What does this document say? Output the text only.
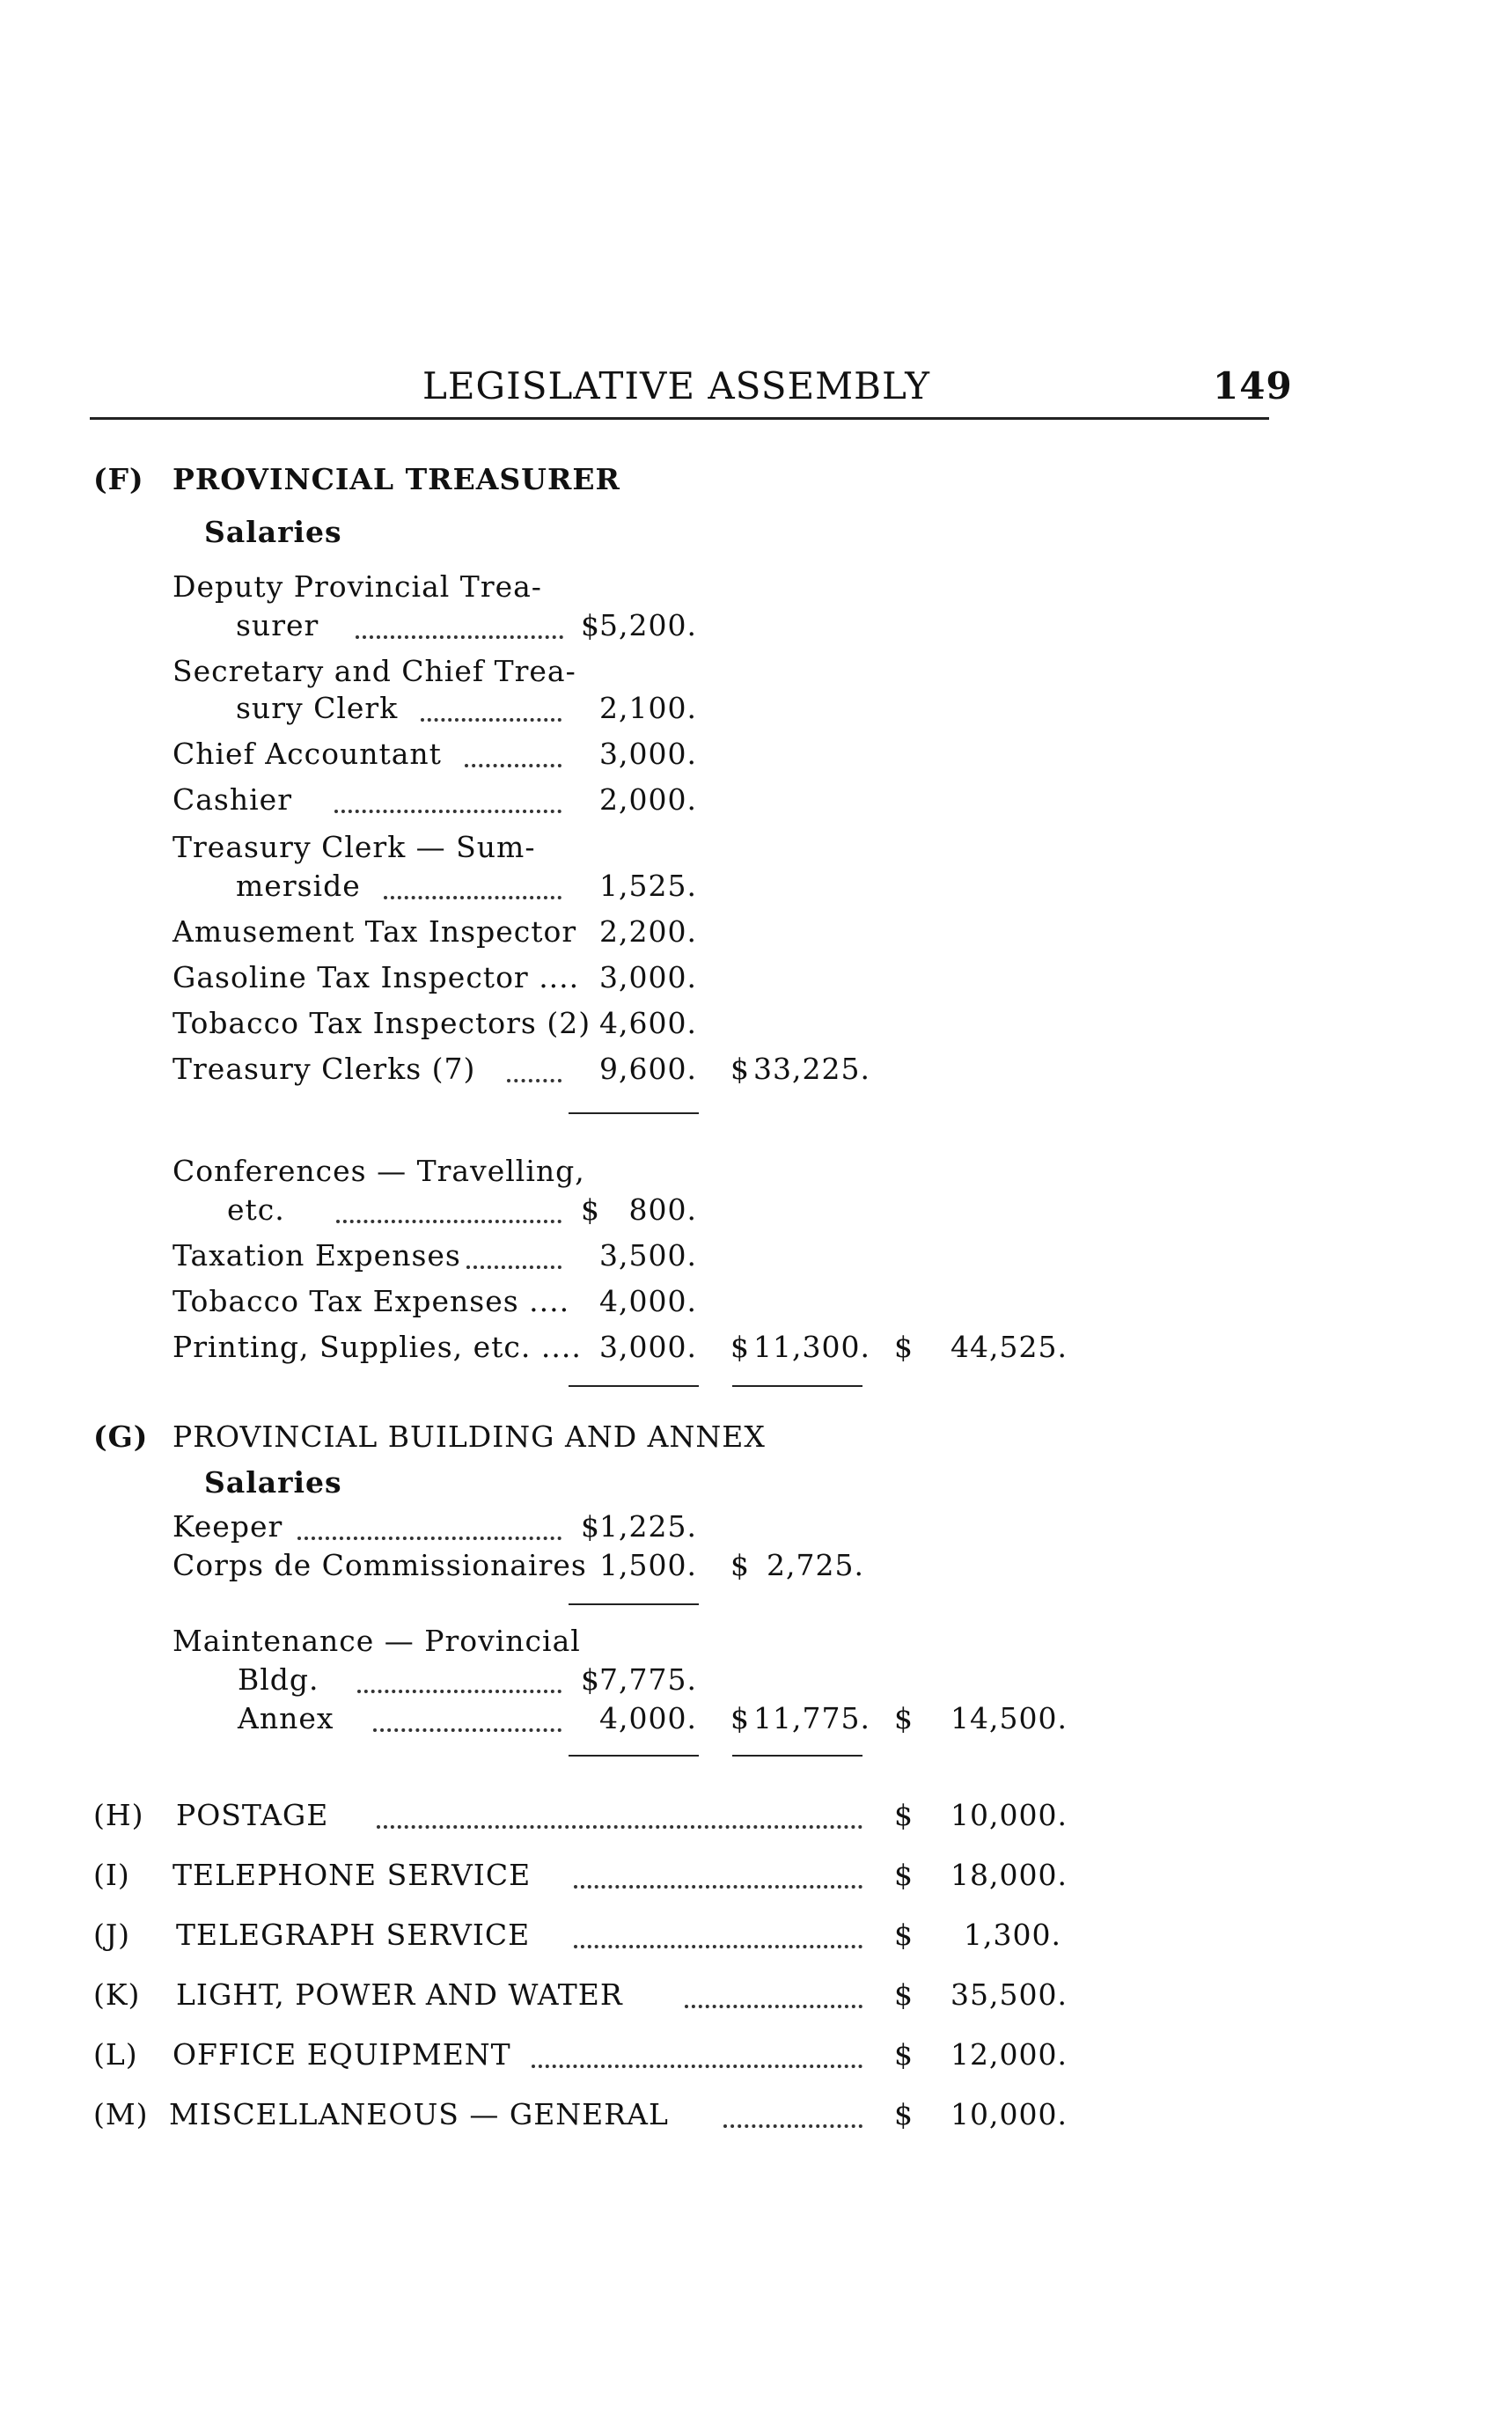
LEGISLATIVE ASSEMBLY	149
(F) PROVINCIAL TREASURER
Salaries
Deputy Provincial Trea-
surer	$ 5,200.
Secretary and Chief Trea-
sury Clerk	2,100.
Chief Accountant	3,000.
Cashier	2,000.
Treasury Clerk — Sum-
merside	1,525.
Amusement Tax Inspector 2,200.
Gasoline Tax Inspector .... 3,000.
Tobacco Tax Inspectors (2) 4,600.
Treasury Clerks (7)	9,600. $ 33,225.
Conferences — Travelling,
etc.	$ 800.
Taxation Expenses	3,500.
Tobacco Tax Expenses .... 4,000.
Printing, Supplies, etc. .... 3,000. $ 11,300. $ 44,525.
(G) PROVINCIAL BUILDING AND ANNEX
Salaries
Keeper	$ 1,225.
Corps de Commissionaires 1,500. $ 2,725.
Maintenance — Provincial
Bldg.	$ 7,775.
Annex	4,000. $ 11,775. $ 14,500.
(H) POSTAGE	$ 10,000.
(I) TELEPHONE SERVICE	$ 18,000.
(J) TELEGRAPH SERVICE	$	1,300.
(K) LIGHT, POWER AND WATER	$ 35,500.
(L) OFFICE EQUIPMENT	$ 12,000.
(M) MISCELLANEOUS — GENERAL	$ 10,000.
